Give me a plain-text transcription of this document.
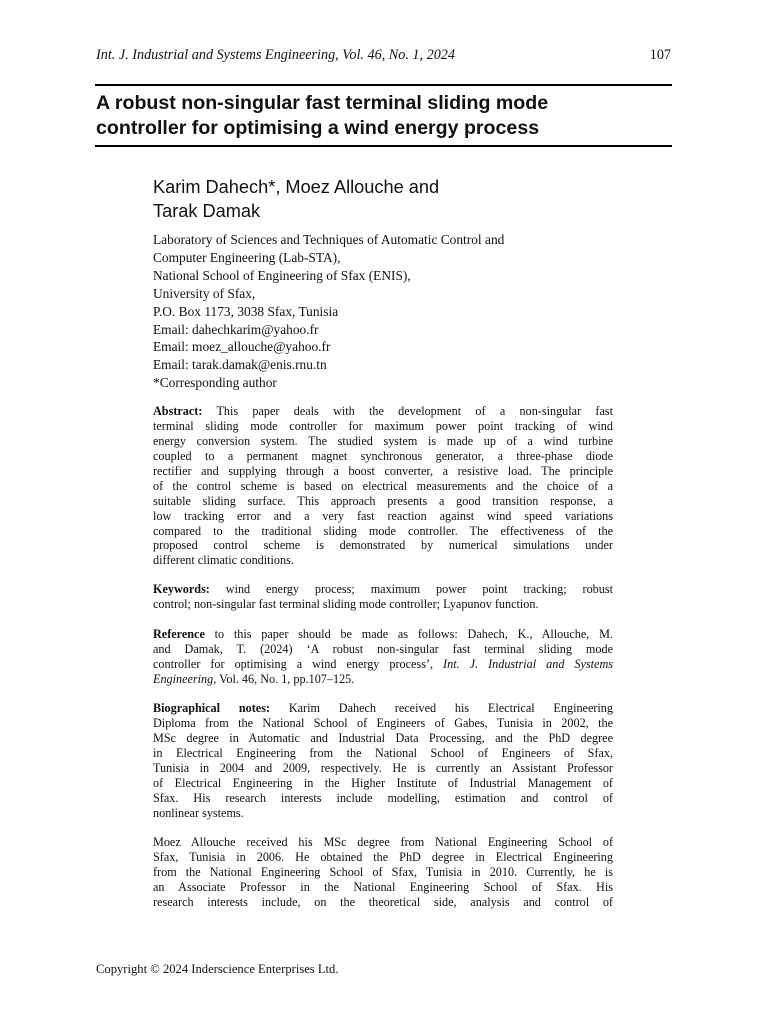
Int. J. Industrial and Systems Engineering, Vol. 46, No. 1, 2024	107
A robust non-singular fast terminal sliding mode
controller for optimising a wind energy process
Karim Dahech*, Moez Allouche and
Tarak Damak
Laboratory of Sciences and Techniques of Automatic Control and
Computer Engineering (Lab-STA),
National School of Engineering of Sfax (ENIS),
University of Sfax,
P.O. Box 1173, 3038 Sfax, Tunisia
Email: dahechkarim@yahoo.fr
Email: moez_allouche@yahoo.fr
Email: tarak.damak@enis.rnu.tn
*Corresponding author
Abstract: This paper deals with the development of a non-singular fast
terminal sliding mode controller for maximum power point tracking of wind
energy conversion system. The studied system is made up of a wind turbine
coupled to a permanent magnet synchronous generator, a three-phase diode
rectifier and supplying through a boost converter, a resistive load. The principle
of the control scheme is based on electrical measurements and the choice of a
suitable sliding surface. This approach presents a good transition response, a
low tracking error and a very fast reaction against wind speed variations
compared to the traditional sliding mode controller. The effectiveness of the
proposed control scheme is demonstrated by numerical simulations under
different climatic conditions.
Keywords: wind energy process; maximum power point tracking; robust
control; non-singular fast terminal sliding mode controller; Lyapunov function.
Reference to this paper should be made as follows: Dahech, K., Allouche, M.
and Damak, T. (2024) ‘A robust non-singular fast terminal sliding mode
controller for optimising a wind energy process’, Int. J. Industrial and Systems
Engineering, Vol. 46, No. 1, pp.107–125.
Biographical notes: Karim Dahech received his Electrical Engineering
Diploma from the National School of Engineers of Gabes, Tunisia in 2002, the
MSc degree in Automatic and Industrial Data Processing, and the PhD degree
in Electrical Engineering from the National School of Engineers of Sfax,
Tunisia in 2004 and 2009, respectively. He is currently an Assistant Professor
of Electrical Engineering in the Higher Institute of Industrial Management of
Sfax. His research interests include modelling, estimation and control of
nonlinear systems.
Moez Allouche received his MSc degree from National Engineering School of
Sfax, Tunisia in 2006. He obtained the PhD degree in Electrical Engineering
from the National Engineering School of Sfax, Tunisia in 2010. Currently, he is
an Associate Professor in the National Engineering School of Sfax. His
research interests include, on the theoretical side, analysis and control of
Copyright © 2024 Inderscience Enterprises Ltd.
